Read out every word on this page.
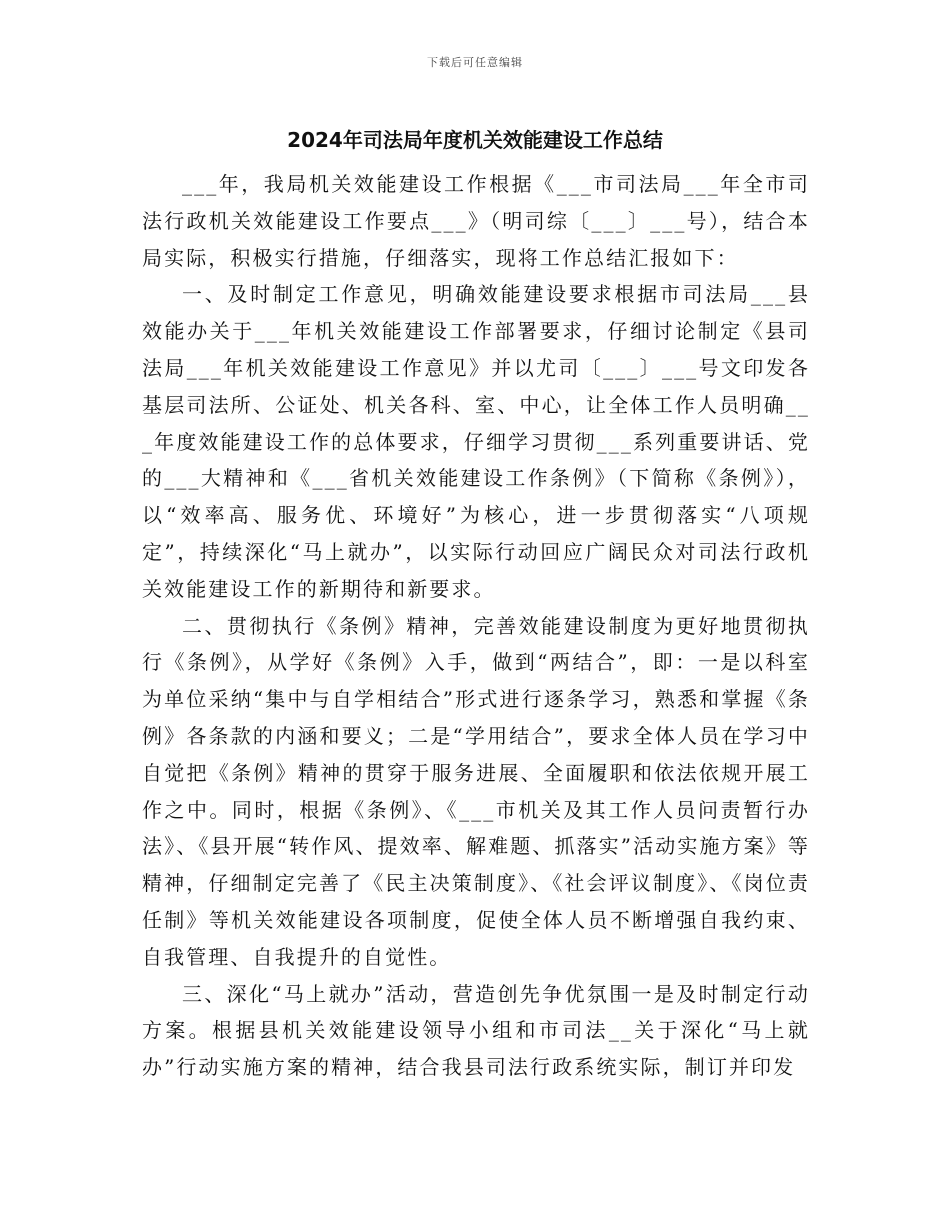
下载后可任意编辑
2024年司法局年度机关效能建设工作总结

___年，我局机关效能建设工作根据《___市司法局___年全市司法行政机关效能建设工作要点___》（明司综〔___〕___号），结合本局实际，积极实行措施，仔细落实，现将工作总结汇报如下：

一、及时制定工作意见，明确效能建设要求根据市司法局___县效能办关于___年机关效能建设工作部署要求，仔细讨论制定《县司法局___年机关效能建设工作意见》并以尤司〔___〕___号文印发各基层司法所、公证处、机关各科、室、中心，让全体工作人员明确___年度效能建设工作的总体要求，仔细学习贯彻___系列重要讲话、党的___大精神和《___省机关效能建设工作条例》（下简称《条例》），以“效率高、服务优、环境好”为核心，进一步贯彻落实“八项规定”，持续深化“马上就办”，以实际行动回应广阔民众对司法行政机关效能建设工作的新期待和新要求。

二、贯彻执行《条例》精神，完善效能建设制度为更好地贯彻执行《条例》，从学好《条例》入手，做到“两结合”，即：一是以科室为单位采纳“集中与自学相结合”形式进行逐条学习，熟悉和掌握《条例》各条款的内涵和要义；二是“学用结合”，要求全体人员在学习中自觉把《条例》精神的贯穿于服务进展、全面履职和依法依规开展工作之中。同时，根据《条例》、《___市机关及其工作人员问责暂行办法》、《县开展“转作风、提效率、解难题、抓落实”活动实施方案》等精神，仔细制定完善了《民主决策制度》、《社会评议制度》、《岗位责任制》等机关效能建设各项制度，促使全体人员不断增强自我约束、自我管理、自我提升的自觉性。

三、深化“马上就办”活动，营造创先争优氛围一是及时制定行动方案。根据县机关效能建设领导小组和市司法__关于深化“马上就办”行动实施方案的精神，结合我县司法行政系统实际，制订并印发
